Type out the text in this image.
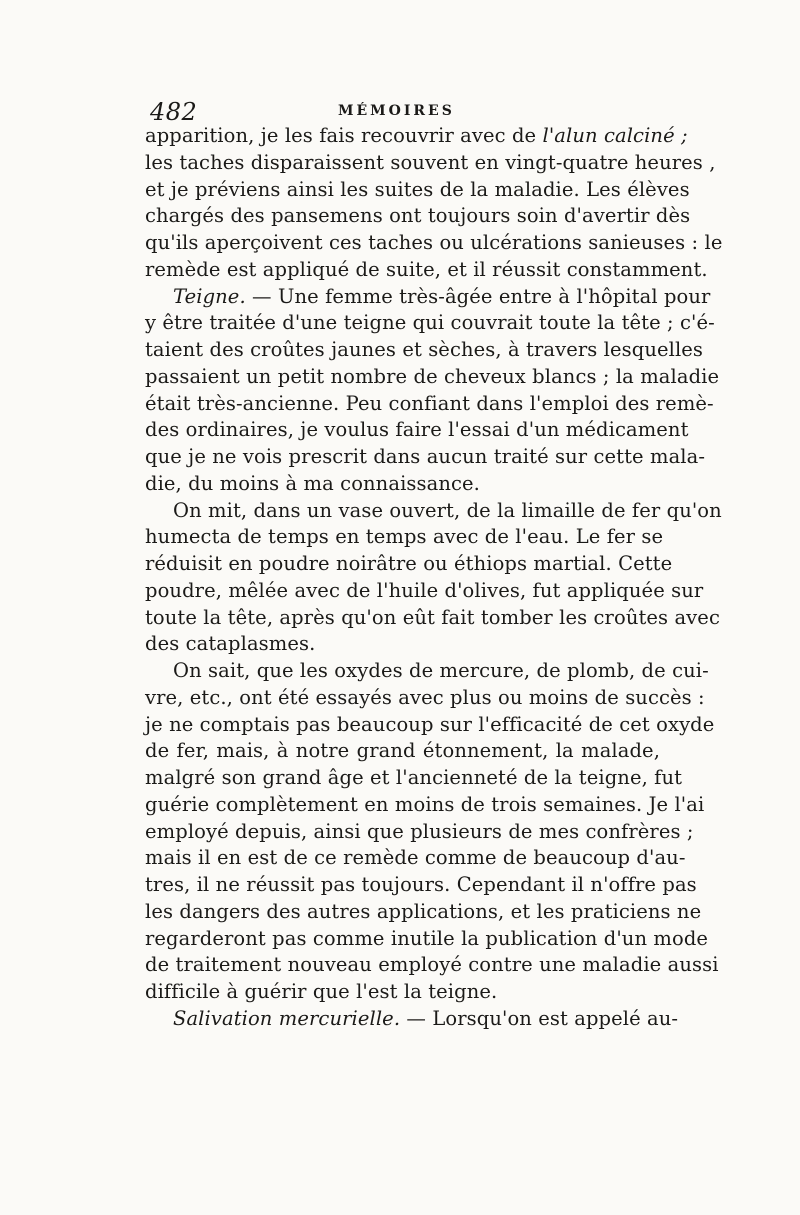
482	MÉMOIRES
apparition, je les fais recouvrir avec de l'alun calciné ;
les taches disparaissent souvent en vingt-quatre heures ,
et je préviens ainsi les suites de la maladie. Les élèves
chargés des pansemens ont toujours soin d'avertir dès
qu'ils aperçoivent ces taches ou ulcérations sanieuses : le
remède est appliqué de suite, et il réussit constamment.
Teigne. — Une femme très-âgée entre à l'hôpital pour
y être traitée d'une teigne qui couvrait toute la tête ; c'é-
taient des croûtes jaunes et sèches, à travers lesquelles
passaient un petit nombre de cheveux blancs ; la maladie
était très-ancienne. Peu confiant dans l'emploi des remè-
des ordinaires, je voulus faire l'essai d'un médicament
que je ne vois prescrit dans aucun traité sur cette mala-
die, du moins à ma connaissance.
On mit, dans un vase ouvert, de la limaille de fer qu'on
humecta de temps en temps avec de l'eau. Le fer se
réduisit en poudre noirâtre ou éthiops martial. Cette
poudre, mêlée avec de l'huile d'olives, fut appliquée sur
toute la tête, après qu'on eût fait tomber les croûtes avec
des cataplasmes.
On sait, que les oxydes de mercure, de plomb, de cui-
vre, etc., ont été essayés avec plus ou moins de succès :
je ne comptais pas beaucoup sur l'efficacité de cet oxyde
de fer, mais, à notre grand étonnement, la malade,
malgré son grand âge et l'ancienneté de la teigne, fut
guérie complètement en moins de trois semaines. Je l'ai
employé depuis, ainsi que plusieurs de mes confrères ;
mais il en est de ce remède comme de beaucoup d'au-
tres, il ne réussit pas toujours. Cependant il n'offre pas
les dangers des autres applications, et les praticiens ne
regarderont pas comme inutile la publication d'un mode
de traitement nouveau employé contre une maladie aussi
difficile à guérir que l'est la teigne.
Salivation mercurielle. — Lorsqu'on est appelé au-
